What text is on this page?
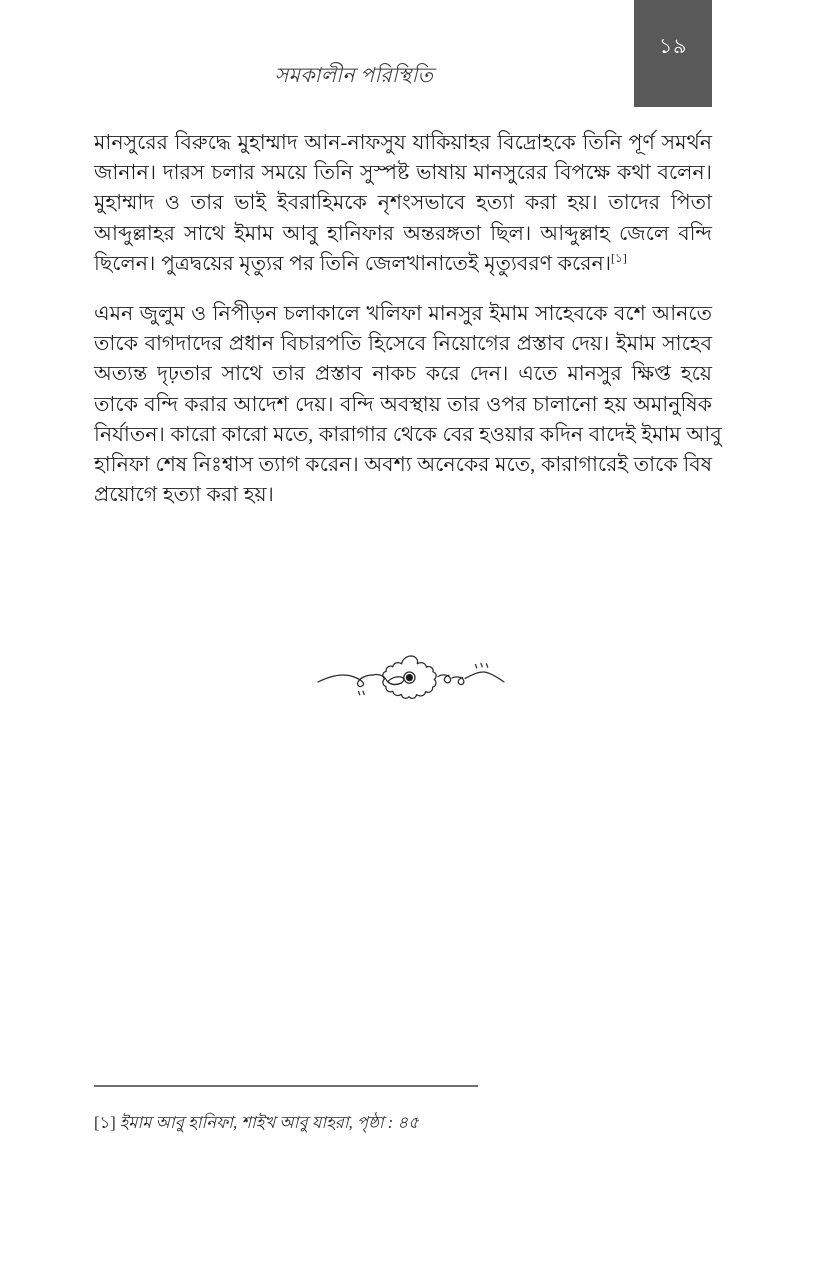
১৯
সমকালীন পরিস্থিতি

মানসুরের বিরুদ্ধে মুহাম্মাদ আন-নাফসুয যাকিয়াহর বিদ্রোহকে তিনি পূর্ণ সমর্থন
জানান। দারস চলার সময়ে তিনি সুস্পষ্ট ভাষায় মানসুরের বিপক্ষে কথা বলেন।
মুহাম্মাদ ও তার ভাই ইবরাহিমকে নৃশংসভাবে হত্যা করা হয়। তাদের পিতা
আব্দুল্লাহর সাথে ইমাম আবু হানিফার অন্তরঙ্গতা ছিল। আব্দুল্লাহ জেলে বন্দি
ছিলেন। পুত্রদ্বয়ের মৃত্যুর পর তিনি জেলখানাতেই মৃত্যুবরণ করেন।[১]

এমন জুলুম ও নিপীড়ন চলাকালে খলিফা মানসুর ইমাম সাহেবকে বশে আনতে
তাকে বাগদাদের প্রধান বিচারপতি হিসেবে নিয়োগের প্রস্তাব দেয়। ইমাম সাহেব
অত্যন্ত দৃঢ়তার সাথে তার প্রস্তাব নাকচ করে দেন। এতে মানসুর ক্ষিপ্ত হয়ে
তাকে বন্দি করার আদেশ দেয়। বন্দি অবস্থায় তার ওপর চালানো হয় অমানুষিক
নির্যাতন। কারো কারো মতে, কারাগার থেকে বের হওয়ার কদিন বাদেই ইমাম আবু
হানিফা শেষ নিঃশ্বাস ত্যাগ করেন। অবশ্য অনেকের মতে, কারাগারেই তাকে বিষ
প্রয়োগে হত্যা করা হয়।

[১] ইমাম আবু হানিফা, শাইখ আবু যাহরা, পৃষ্ঠা : ৪৫
